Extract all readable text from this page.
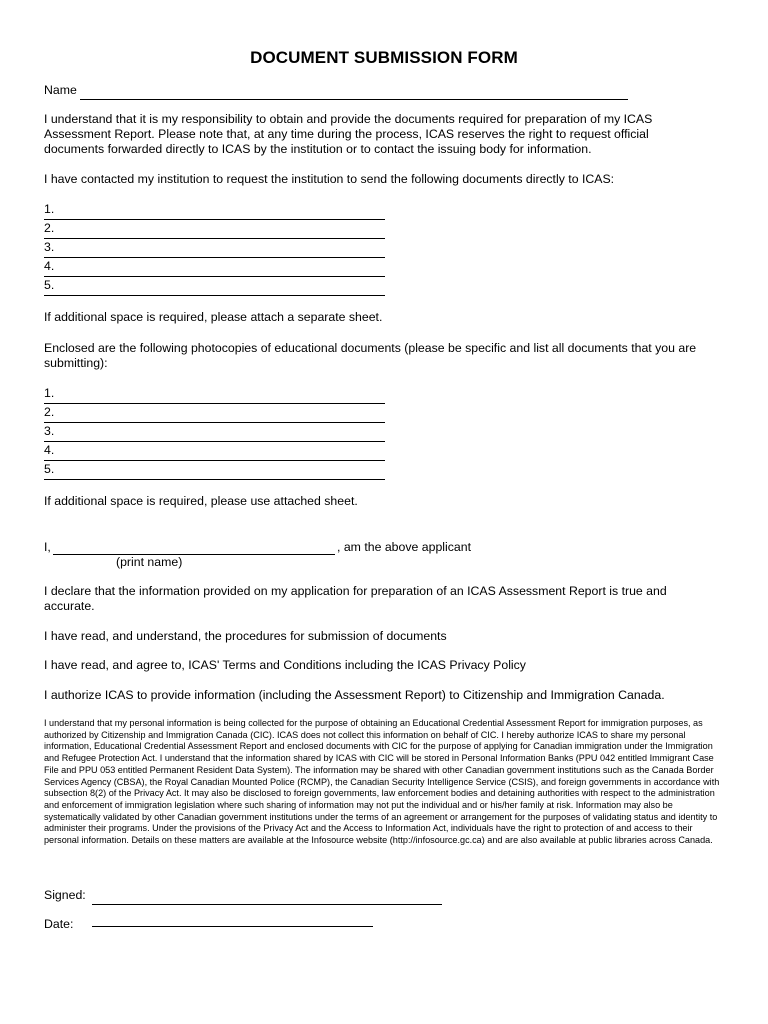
DOCUMENT SUBMISSION FORM
Name
I understand that it is my responsibility to obtain and provide the documents required for preparation of my ICAS Assessment Report. Please note that, at any time during the process, ICAS reserves the right to request official documents forwarded directly to ICAS by the institution or to contact the issuing body for information.
I have contacted my institution to request the institution to send the following documents directly to ICAS:
1.
2.
3.
4.
5.
If additional space is required, please attach a separate sheet.
Enclosed are the following photocopies of educational documents (please be specific and list all documents that you are submitting):
1.
2.
3.
4.
5.
If additional space is required, please use attached sheet.
I,	, am the above applicant
(print name)
I declare that the information provided on my application for preparation of an ICAS Assessment Report is true and accurate.
I have read, and understand, the procedures for submission of documents
I have read, and agree to, ICAS' Terms and Conditions including the ICAS Privacy Policy
I authorize ICAS to provide information (including the Assessment Report) to Citizenship and Immigration Canada.
I understand that my personal information is being collected for the purpose of obtaining an Educational Credential Assessment Report for immigration purposes, as authorized by Citizenship and Immigration Canada (CIC). ICAS does not collect this information on behalf of CIC. I hereby authorize ICAS to share my personal information, Educational Credential Assessment Report and enclosed documents with CIC for the purpose of applying for Canadian immigration under the Immigration and Refugee Protection Act. I understand that the information shared by ICAS with CIC will be stored in Personal Information Banks (PPU 042 entitled Immigrant Case File and PPU 053 entitled Permanent Resident Data System). The information may be shared with other Canadian government institutions such as the Canada Border Services Agency (CBSA), the Royal Canadian Mounted Police (RCMP), the Canadian Security Intelligence Service (CSIS), and foreign governments in accordance with subsection 8(2) of the Privacy Act. It may also be disclosed to foreign governments, law enforcement bodies and detaining authorities with respect to the administration and enforcement of immigration legislation where such sharing of information may not put the individual and or his/her family at risk. Information may also be systematically validated by other Canadian government institutions under the terms of an agreement or arrangement for the purposes of validating status and identity to administer their programs. Under the provisions of the Privacy Act and the Access to Information Act, individuals have the right to protection of and access to their personal information. Details on these matters are available at the Infosource website (http://infosource.gc.ca) and are also available at public libraries across Canada.
Signed:
Date:
